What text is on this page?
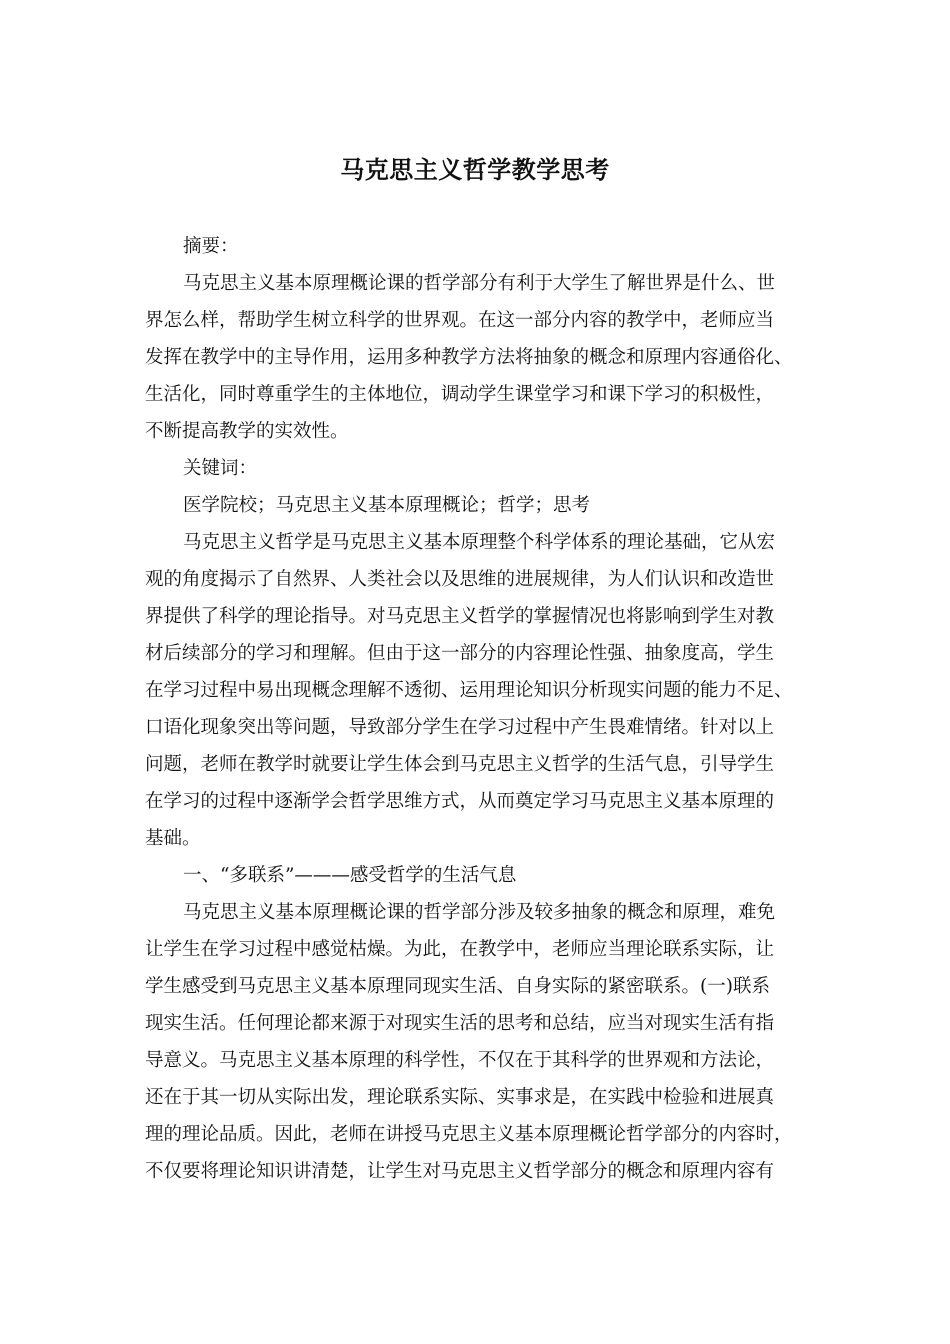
马克思主义哲学教学思考
摘要：
马克思主义基本原理概论课的哲学部分有利于大学生了解世界是什么、世
界怎么样，帮助学生树立科学的世界观。在这一部分内容的教学中，老师应当
发挥在教学中的主导作用，运用多种教学方法将抽象的概念和原理内容通俗化、
生活化，同时尊重学生的主体地位，调动学生课堂学习和课下学习的积极性，
不断提高教学的实效性。
关键词：
医学院校；马克思主义基本原理概论；哲学；思考
马克思主义哲学是马克思主义基本原理整个科学体系的理论基础，它从宏
观的角度揭示了自然界、人类社会以及思维的进展规律，为人们认识和改造世
界提供了科学的理论指导。对马克思主义哲学的掌握情况也将影响到学生对教
材后续部分的学习和理解。但由于这一部分的内容理论性强、抽象度高，学生
在学习过程中易出现概念理解不透彻、运用理论知识分析现实问题的能力不足、
口语化现象突出等问题，导致部分学生在学习过程中产生畏难情绪。针对以上
问题，老师在教学时就要让学生体会到马克思主义哲学的生活气息，引导学生
在学习的过程中逐渐学会哲学思维方式，从而奠定学习马克思主义基本原理的
基础。
一、“多联系”———感受哲学的生活气息
马克思主义基本原理概论课的哲学部分涉及较多抽象的概念和原理，难免
让学生在学习过程中感觉枯燥。为此，在教学中，老师应当理论联系实际，让
学生感受到马克思主义基本原理同现实生活、自身实际的紧密联系。(一)联系
现实生活。任何理论都来源于对现实生活的思考和总结，应当对现实生活有指
导意义。马克思主义基本原理的科学性，不仅在于其科学的世界观和方法论，
还在于其一切从实际出发，理论联系实际、实事求是，在实践中检验和进展真
理的理论品质。因此，老师在讲授马克思主义基本原理概论哲学部分的内容时，
不仅要将理论知识讲清楚，让学生对马克思主义哲学部分的概念和原理内容有
